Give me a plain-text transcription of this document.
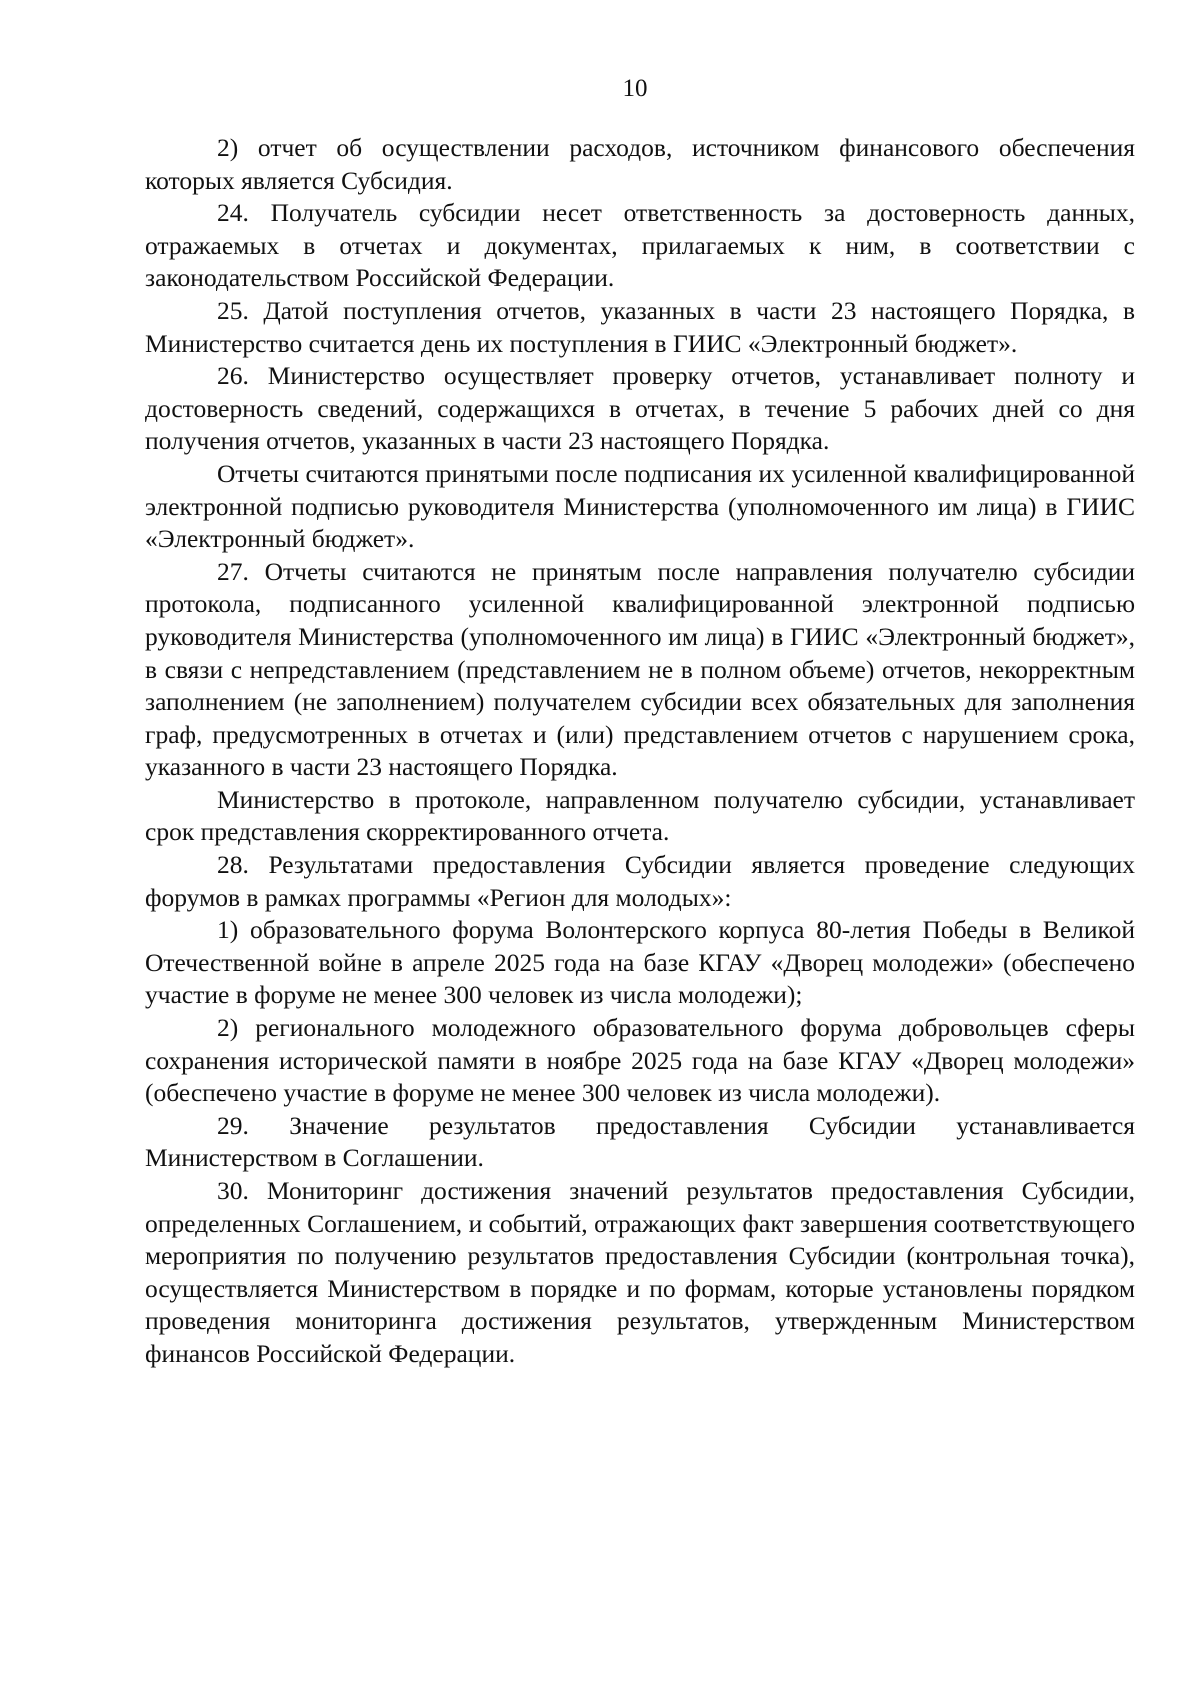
10

2) отчет об осуществлении расходов, источником финансового обеспечения которых является Субсидия.

24. Получатель субсидии несет ответственность за достоверность данных, отражаемых в отчетах и документах, прилагаемых к ним, в соответствии с законодательством Российской Федерации.

25. Датой поступления отчетов, указанных в части 23 настоящего Порядка, в Министерство считается день их поступления в ГИИС «Электронный бюджет».

26. Министерство осуществляет проверку отчетов, устанавливает полноту и достоверность сведений, содержащихся в отчетах, в течение 5 рабочих дней со дня получения отчетов, указанных в части 23 настоящего Порядка.

Отчеты считаются принятыми после подписания их усиленной квалифицированной электронной подписью руководителя Министерства (уполномоченного им лица) в ГИИС «Электронный бюджет».

27. Отчеты считаются не принятым после направления получателю субсидии протокола, подписанного усиленной квалифицированной электронной подписью руководителя Министерства (уполномоченного им лица) в ГИИС «Электронный бюджет», в связи с непредставлением (представлением не в полном объеме) отчетов, некорректным заполнением (не заполнением) получателем субсидии всех обязательных для заполнения граф, предусмотренных в отчетах и (или) представлением отчетов с нарушением срока, указанного в части 23 настоящего Порядка.

Министерство в протоколе, направленном получателю субсидии, устанавливает срок представления скорректированного отчета.

28. Результатами предоставления Субсидии является проведение следующих форумов в рамках программы «Регион для молодых»:

1) образовательного форума Волонтерского корпуса 80-летия Победы в Великой Отечественной войне в апреле 2025 года на базе КГАУ «Дворец молодежи» (обеспечено участие в форуме не менее 300 человек из числа молодежи);

2) регионального молодежного образовательного форума добровольцев сферы сохранения исторической памяти в ноябре 2025 года на базе КГАУ «Дворец молодежи» (обеспечено участие в форуме не менее 300 человек из числа молодежи).

29. Значение результатов предоставления Субсидии устанавливается Министерством в Соглашении.

30. Мониторинг достижения значений результатов предоставления Субсидии, определенных Соглашением, и событий, отражающих факт завершения соответствующего мероприятия по получению результатов предоставления Субсидии (контрольная точка), осуществляется Министерством в порядке и по формам, которые установлены порядком проведения мониторинга достижения результатов, утвержденным Министерством финансов Российской Федерации.
